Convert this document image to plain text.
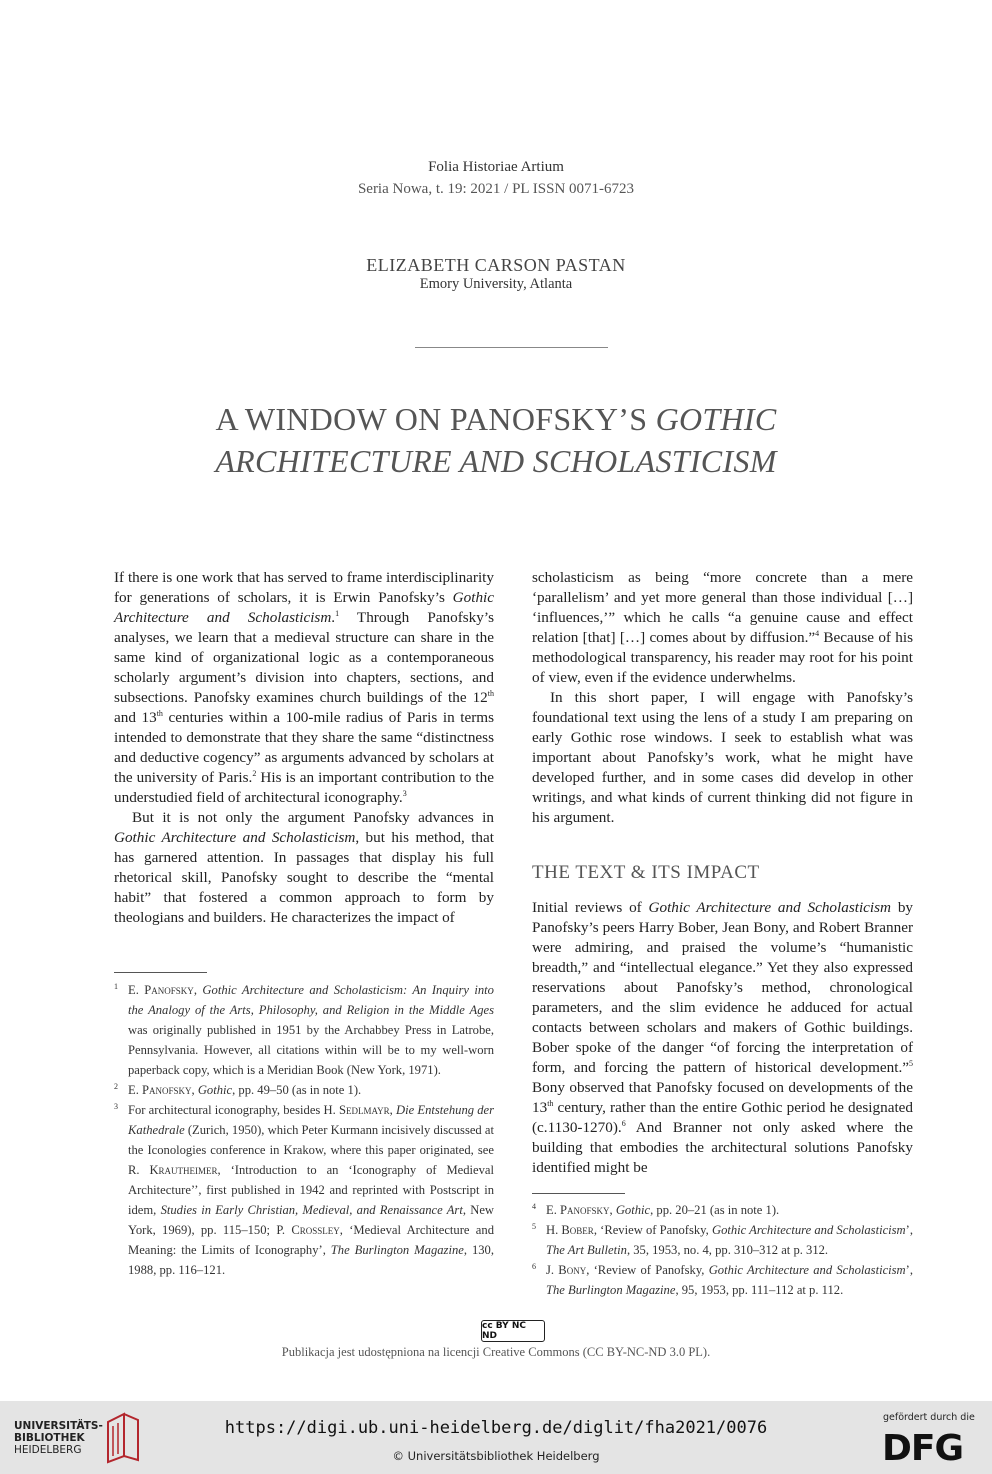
Folia Historiae Artium
Seria Nowa, t. 19: 2021 / PL ISSN 0071-6723
ELIZABETH CARSON PASTAN
Emory University, Atlanta
A WINDOW ON PANOFSKY’S GOTHIC
ARCHITECTURE AND SCHOLASTICISM

If there is one work that has served to frame interdisciplinarity for generations of scholars, it is Erwin Panofsky’s Gothic Architecture and Scholasticism.$^1$ Through Panofsky’s analyses, we learn that a medieval structure can share in the same kind of organizational logic as a contemporaneous scholarly argument’s division into chapters, sections, and subsections. Panofsky examines church buildings of the 12th and 13th centuries within a 100-mile radius of Paris in terms intended to demonstrate that they share the same “distinctness and deductive cogency” as arguments advanced by scholars at the university of Paris.$^2$ His is an important contribution to the understudied field of architectural iconography.$^3$

But it is not only the argument Panofsky advances in Gothic Architecture and Scholasticism, but his method, that has garnered attention. In passages that display his full rhetorical skill, Panofsky sought to describe the “mental habit” that fostered a common approach to form by theologians and builders. He characterizes the impact of

scholasticism as being “more concrete than a mere ‘parallelism’ and yet more general than those individual […] ‘influences,’” which he calls “a genuine cause and effect relation [that] […] comes about by diffusion.”$^4$ Because of his methodological transparency, his reader may root for his point of view, even if the evidence underwhelms.

In this short paper, I will engage with Panofsky’s foundational text using the lens of a study I am preparing on early Gothic rose windows. I seek to establish what was important about Panofsky’s work, what he might have developed further, and in some cases did develop in other writings, and what kinds of current thinking did not figure in his argument.

THE TEXT & ITS IMPACT

Initial reviews of Gothic Architecture and Scholasticism by Panofsky’s peers Harry Bober, Jean Bony, and Robert Branner were admiring, and praised the volume’s “humanistic breadth,” and “intellectual elegance.” Yet they also expressed reservations about Panofsky’s method, chronological parameters, and the slim evidence he adduced for actual contacts between scholars and makers of Gothic buildings. Bober spoke of the danger “of forcing the interpretation of form, and forcing the pattern of historical development.”$^5$ Bony observed that Panofsky focused on developments of the 13th century, rather than the entire Gothic period he designated (c.1130-1270).$^6$ And Branner not only asked where the building that embodies the architectural solutions Panofsky identified might be

1 E. Panofsky, Gothic Architecture and Scholasticism: An Inquiry into the Analogy of the Arts, Philosophy, and Religion in the Middle Ages was originally published in 1951 by the Archabbey Press in Latrobe, Pennsylvania. However, all citations within will be to my well-worn paperback copy, which is a Meridian Book (New York, 1971).
2 E. Panofsky, Gothic, pp. 49–50 (as in note 1).
3 For architectural iconography, besides H. Sedlmayr, Die Entstehung der Kathedrale (Zurich, 1950), which Peter Kurmann incisively discussed at the Iconologies conference in Krakow, where this paper originated, see R. Krautheimer, ‘Introduction to an ‘Iconography of Medieval Architecture’’, first published in 1942 and reprinted with Postscript in idem, Studies in Early Christian, Medieval, and Renaissance Art, New York, 1969), pp. 115–150; P. Crossley, ‘Medieval Architecture and Meaning: the Limits of Iconography’, The Burlington Magazine, 130, 1988, pp. 116–121.
4 E. Panofsky, Gothic, pp. 20–21 (as in note 1).
5 H. Bober, ‘Review of Panofsky, Gothic Architecture and Scholasticism’, The Art Bulletin, 35, 1953, no. 4, pp. 310–312 at p. 312.
6 J. Bony, ‘Review of Panofsky, Gothic Architecture and Scholasticism’, The Burlington Magazine, 95, 1953, pp. 111–112 at p. 112.
cc BY NC ND
Publikacja jest udostępniona na licencji Creative Commons (CC BY-NC-ND 3.0 PL).
UNIVERSITÄTS-
BIBLIOTHEK
HEIDELBERG
https://digi.ub.uni-heidelberg.de/diglit/fha2021/0076
© Universitätsbibliothek Heidelberg
gefördert durch die
DFG
